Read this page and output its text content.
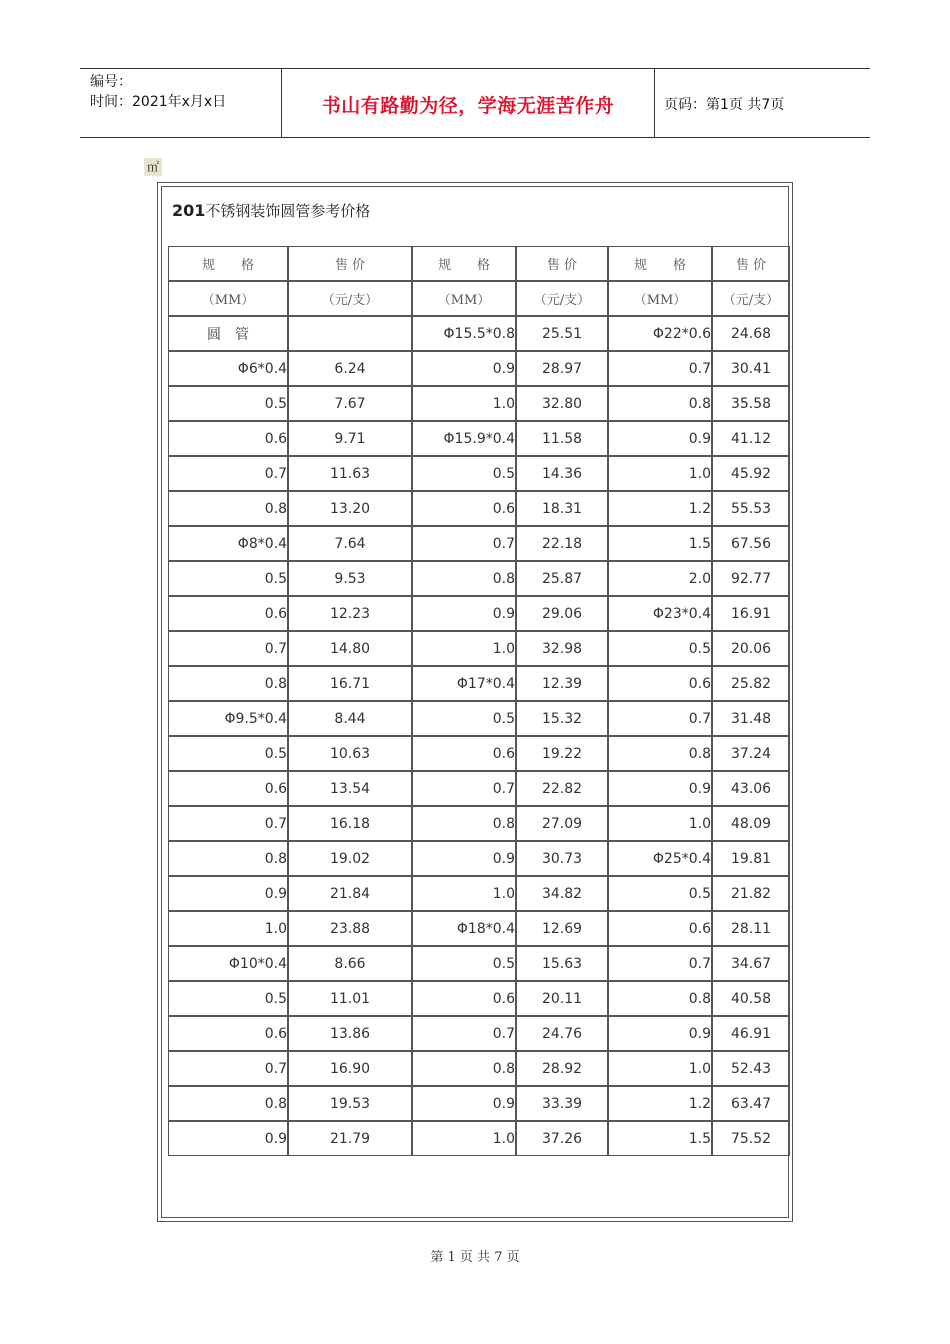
编号：
时间：2021年x月x日	书山有路勤为径，学海无涯苦作舟	页码：第1页 共7页
㎡
201不锈钢装饰圆管参考价格
规　　格	售 价	规　　格	售 价	规　　格	售 价
（MM）	（元/支）	（MM）	（元/支）	（MM）	（元/支）
圆　管		Φ15.5*0.8	25.51	Φ22*0.6	24.68
Φ6*0.4	6.24	0.9	28.97	0.7	30.41
0.5	7.67	1.0	32.80	0.8	35.58
0.6	9.71	Φ15.9*0.4	11.58	0.9	41.12
0.7	11.63	0.5	14.36	1.0	45.92
0.8	13.20	0.6	18.31	1.2	55.53
Φ8*0.4	7.64	0.7	22.18	1.5	67.56
0.5	9.53	0.8	25.87	2.0	92.77
0.6	12.23	0.9	29.06	Φ23*0.4	16.91
0.7	14.80	1.0	32.98	0.5	20.06
0.8	16.71	Φ17*0.4	12.39	0.6	25.82
Φ9.5*0.4	8.44	0.5	15.32	0.7	31.48
0.5	10.63	0.6	19.22	0.8	37.24
0.6	13.54	0.7	22.82	0.9	43.06
0.7	16.18	0.8	27.09	1.0	48.09
0.8	19.02	0.9	30.73	Φ25*0.4	19.81
0.9	21.84	1.0	34.82	0.5	21.82
1.0	23.88	Φ18*0.4	12.69	0.6	28.11
Φ10*0.4	8.66	0.5	15.63	0.7	34.67
0.5	11.01	0.6	20.11	0.8	40.58
0.6	13.86	0.7	24.76	0.9	46.91
0.7	16.90	0.8	28.92	1.0	52.43
0.8	19.53	0.9	33.39	1.2	63.47
0.9	21.79	1.0	37.26	1.5	75.52
第 1 页 共 7 页
